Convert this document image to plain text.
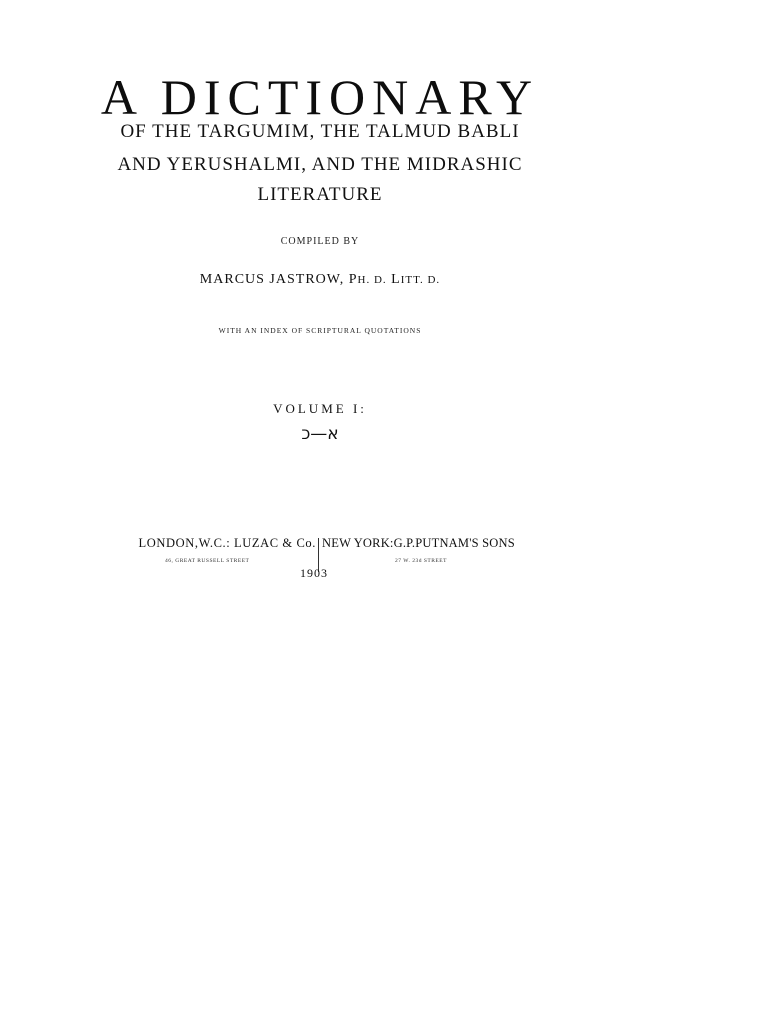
A DICTIONARY
OF THE TARGUMIM, THE TALMUD BABLI
AND YERUSHALMI, AND THE MIDRASHIC
LITERATURE
COMPILED BY
MARCUS JASTROW, PH. D. LITT. D.
WITH AN INDEX OF SCRIPTURAL QUOTATIONS
VOLUME I:
א—כ
LONDON,W.C.: LUZAC & Co. NEW YORK:G.P.PUTNAM'S SONS
46, GREAT RUSSELL STREET	27 W. 23d STREET
1903
